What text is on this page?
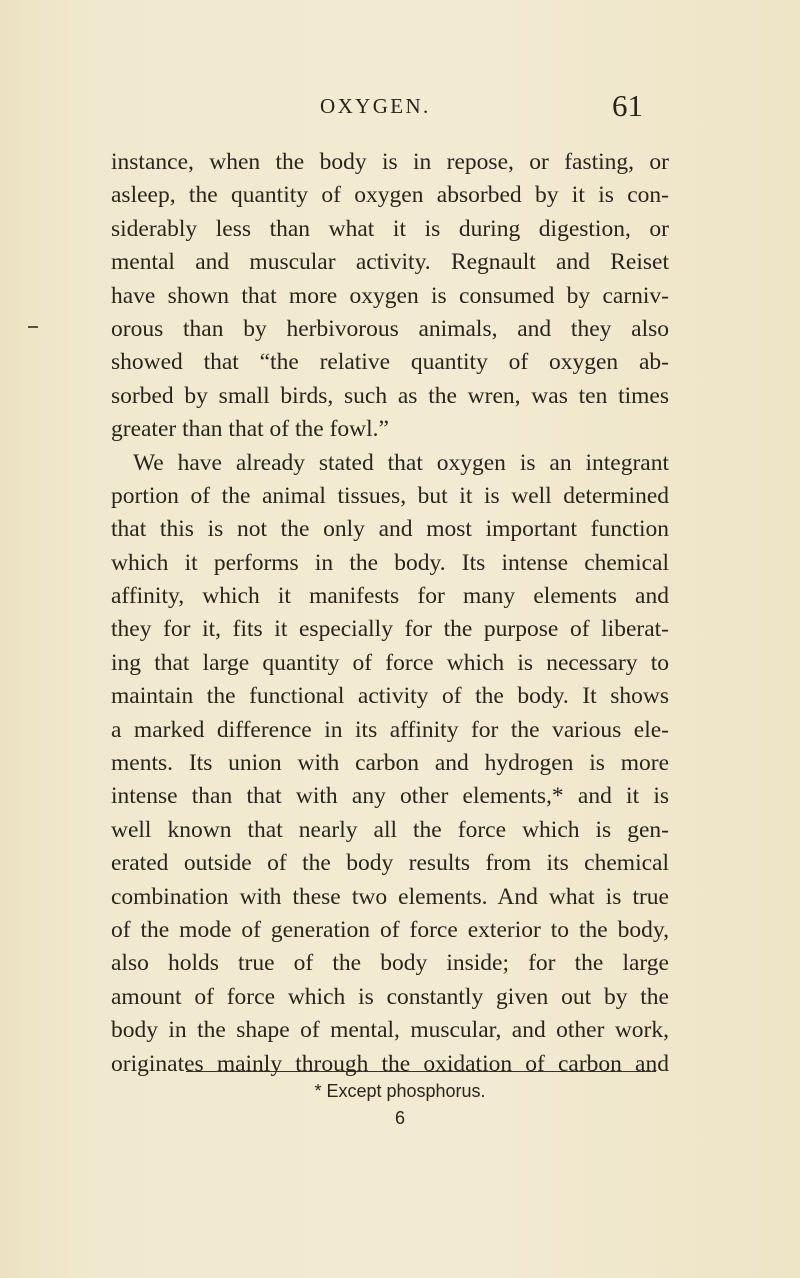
OXYGEN.	61
instance, when the body is in repose, or fasting, or
asleep, the quantity of oxygen absorbed by it is con-
siderably less than what it is during digestion, or
mental and muscular activity. Regnault and Reiset
have shown that more oxygen is consumed by carniv-
orous than by herbivorous animals, and they also
showed that “the relative quantity of oxygen ab-
sorbed by small birds, such as the wren, was ten times
greater than that of the fowl.”
We have already stated that oxygen is an integrant
portion of the animal tissues, but it is well determined
that this is not the only and most important function
which it performs in the body. Its intense chemical
affinity, which it manifests for many elements and
they for it, fits it especially for the purpose of liberat-
ing that large quantity of force which is necessary to
maintain the functional activity of the body. It shows
a marked difference in its affinity for the various ele-
ments. Its union with carbon and hydrogen is more
intense than that with any other elements,* and it is
well known that nearly all the force which is gen-
erated outside of the body results from its chemical
combination with these two elements. And what is true
of the mode of generation of force exterior to the body,
also holds true of the body inside; for the large
amount of force which is constantly given out by the
body in the shape of mental, muscular, and other work,
originates mainly through the oxidation of carbon and
* Except phosphorus.
6
